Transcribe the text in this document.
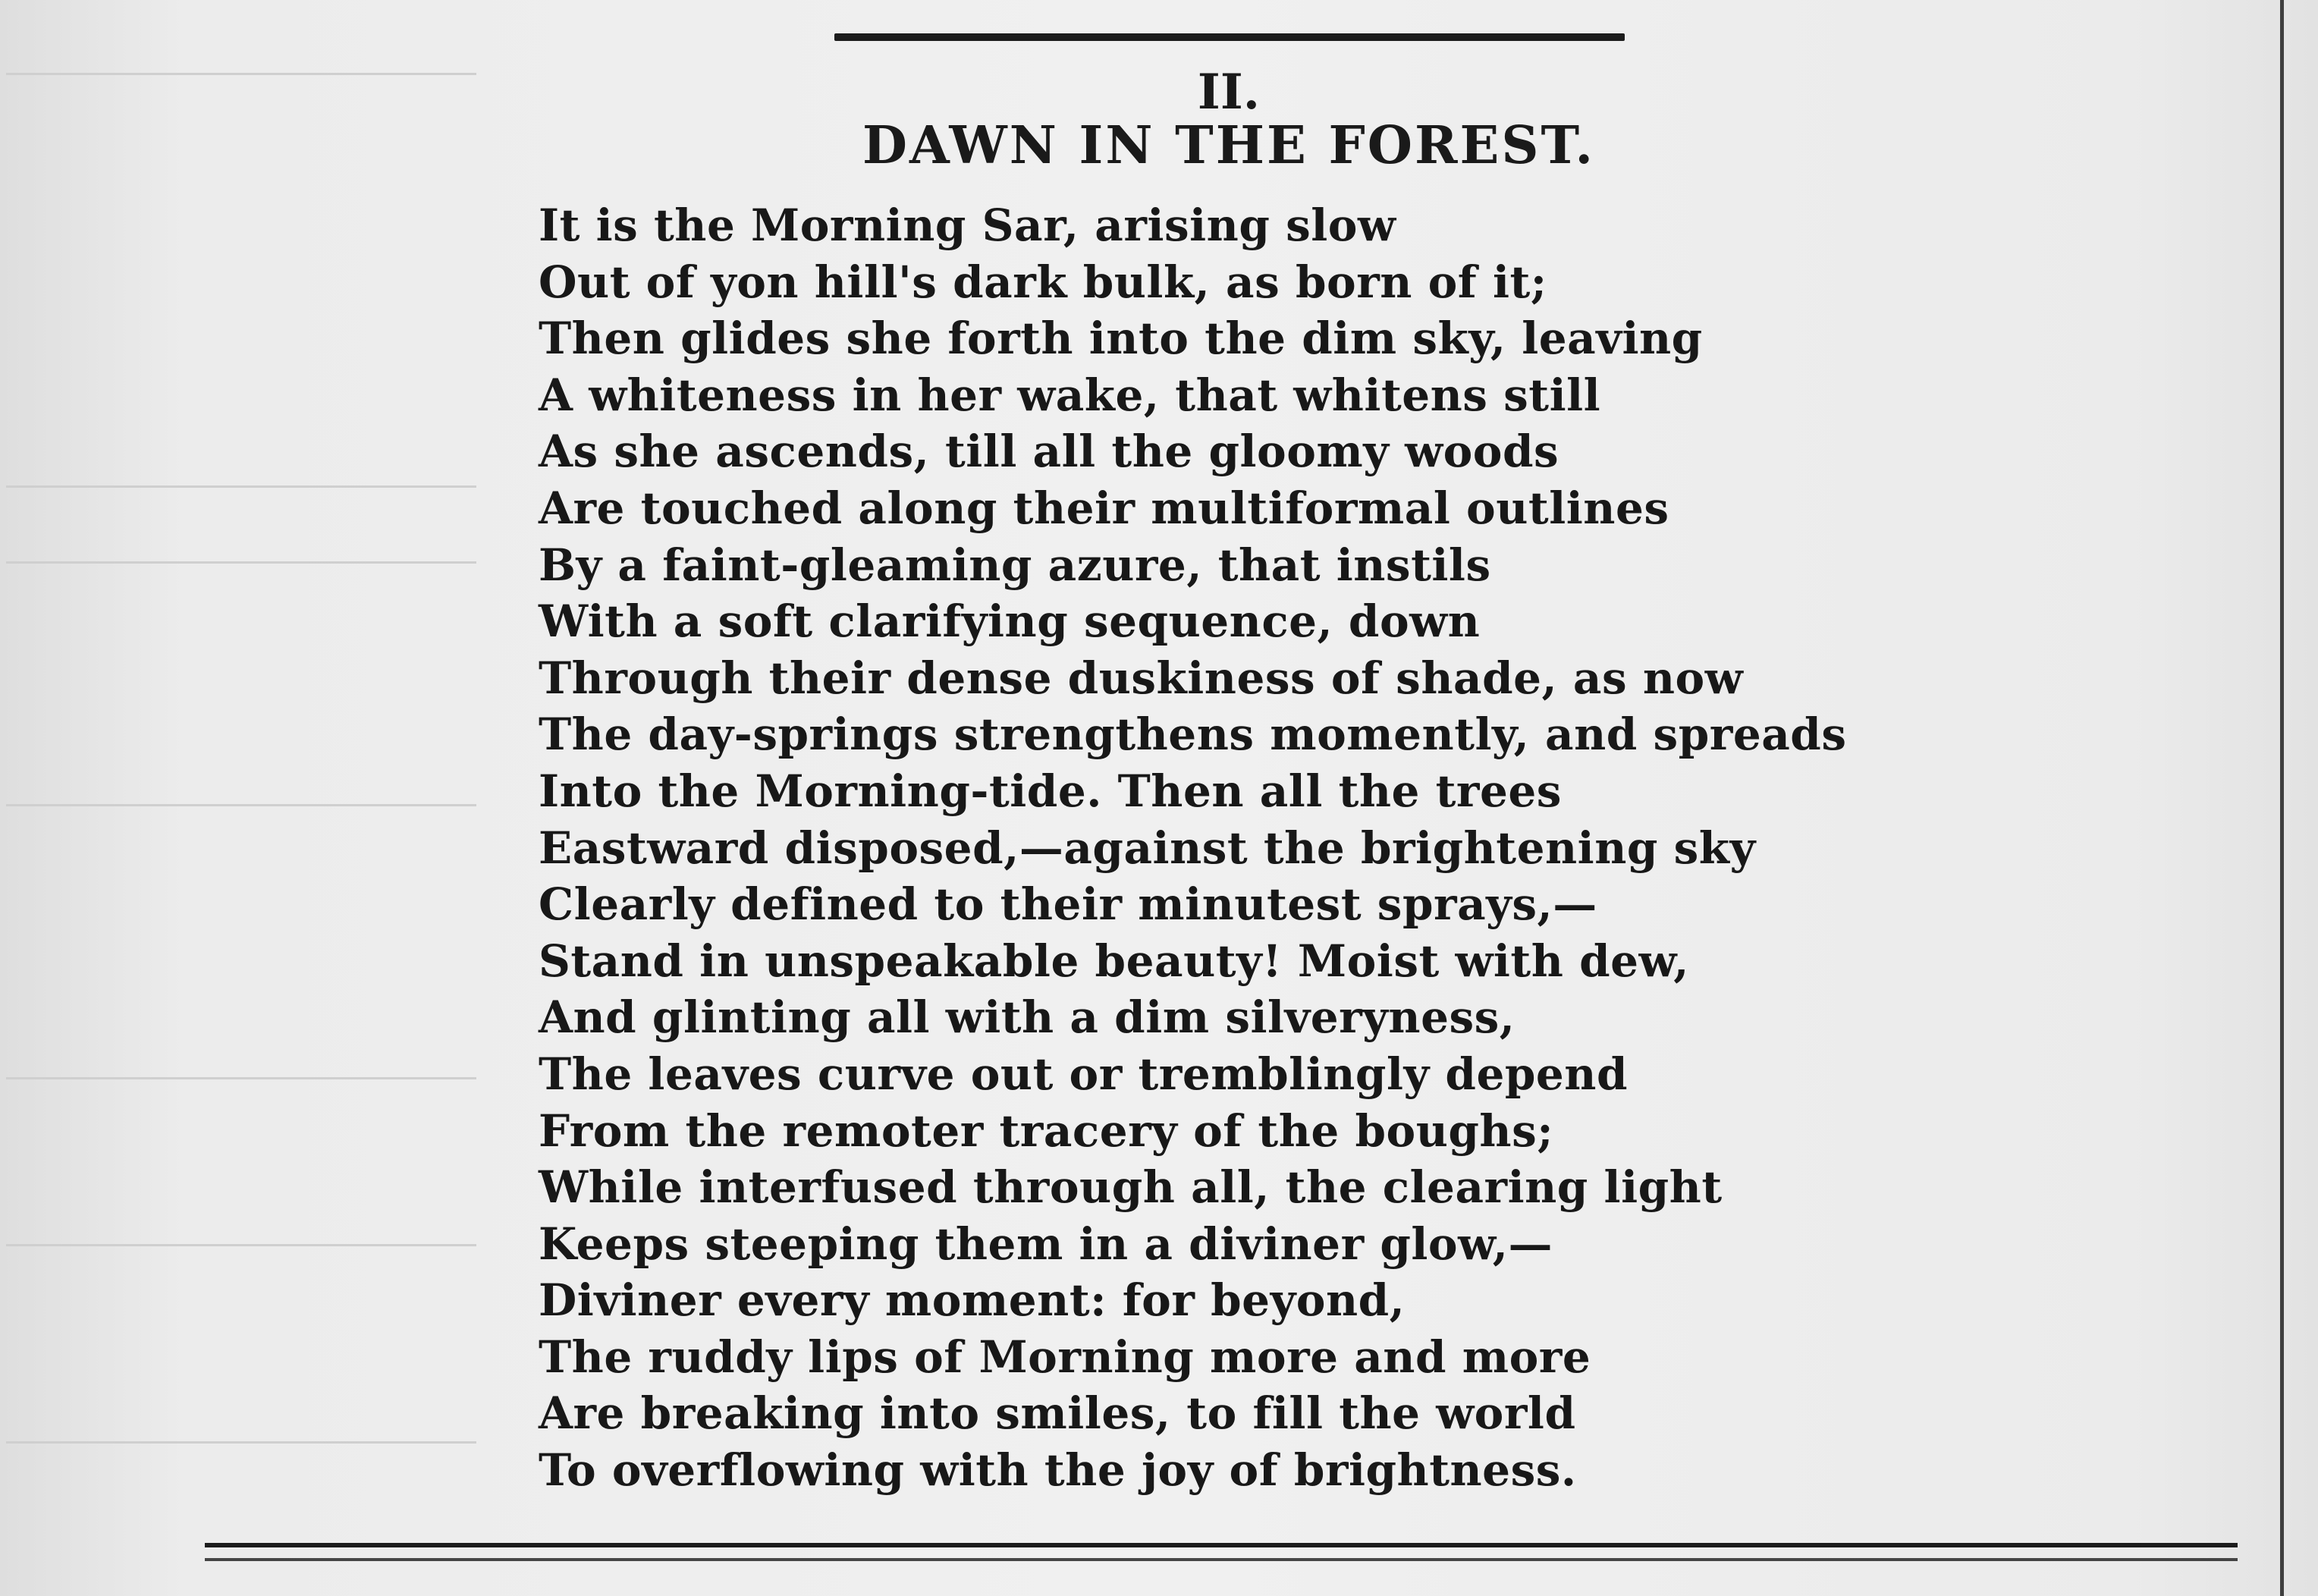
II.
DAWN IN THE FOREST.
It is the Morning Sar, arising slow
Out of yon hill's dark bulk, as born of it;
Then glides she forth into the dim sky, leaving
A whiteness in her wake, that whitens still
As she ascends, till all the gloomy woods
Are touched along their multiformal outlines
By a faint-gleaming azure, that instils
With a soft clarifying sequence, down
Through their dense duskiness of shade, as now
The day-springs strengthens momently, and spreads
Into the Morning-tide. Then all the trees
Eastward disposed,—against the brightening sky
Clearly defined to their minutest sprays,—
Stand in unspeakable beauty! Moist with dew,
And glinting all with a dim silveryness,
The leaves curve out or tremblingly depend
From the remoter tracery of the boughs;
While interfused through all, the clearing light
Keeps steeping them in a diviner glow,—
Diviner every moment: for beyond,
The ruddy lips of Morning more and more
Are breaking into smiles, to fill the world
To overflowing with the joy of brightness.
